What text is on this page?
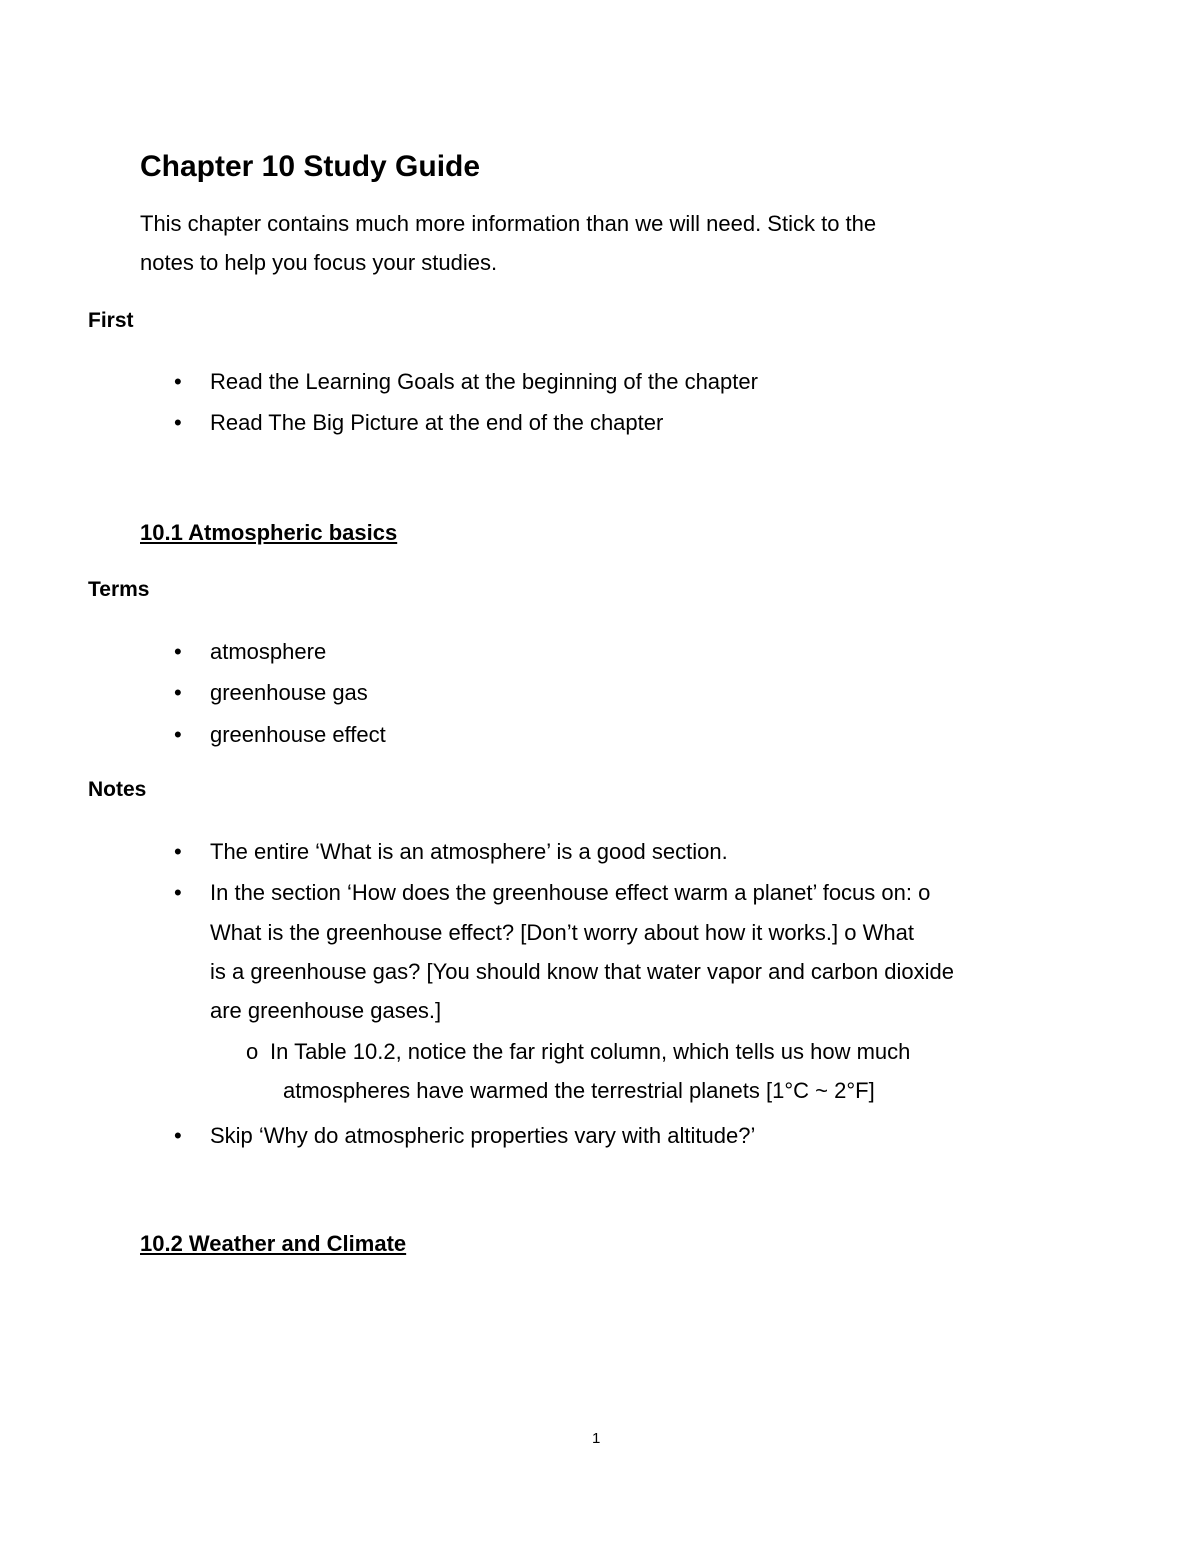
Chapter 10 Study Guide
This chapter contains much more information than we will need. Stick to the
notes to help you focus your studies.
First
• Read the Learning Goals at the beginning of the chapter
• Read The Big Picture at the end of the chapter
10.1 Atmospheric basics
Terms
• atmosphere
• greenhouse gas
• greenhouse effect
Notes
• The entire ‘What is an atmosphere’ is a good section.
• In the section ‘How does the greenhouse effect warm a planet’ focus on: o
What is the greenhouse effect? [Don’t worry about how it works.] o What
is a greenhouse gas? [You should know that water vapor and carbon dioxide
are greenhouse gases.]
o In Table 10.2, notice the far right column, which tells us how much
atmospheres have warmed the terrestrial planets [1°C ~ 2°F]
• Skip ‘Why do atmospheric properties vary with altitude?’
10.2 Weather and Climate
1
